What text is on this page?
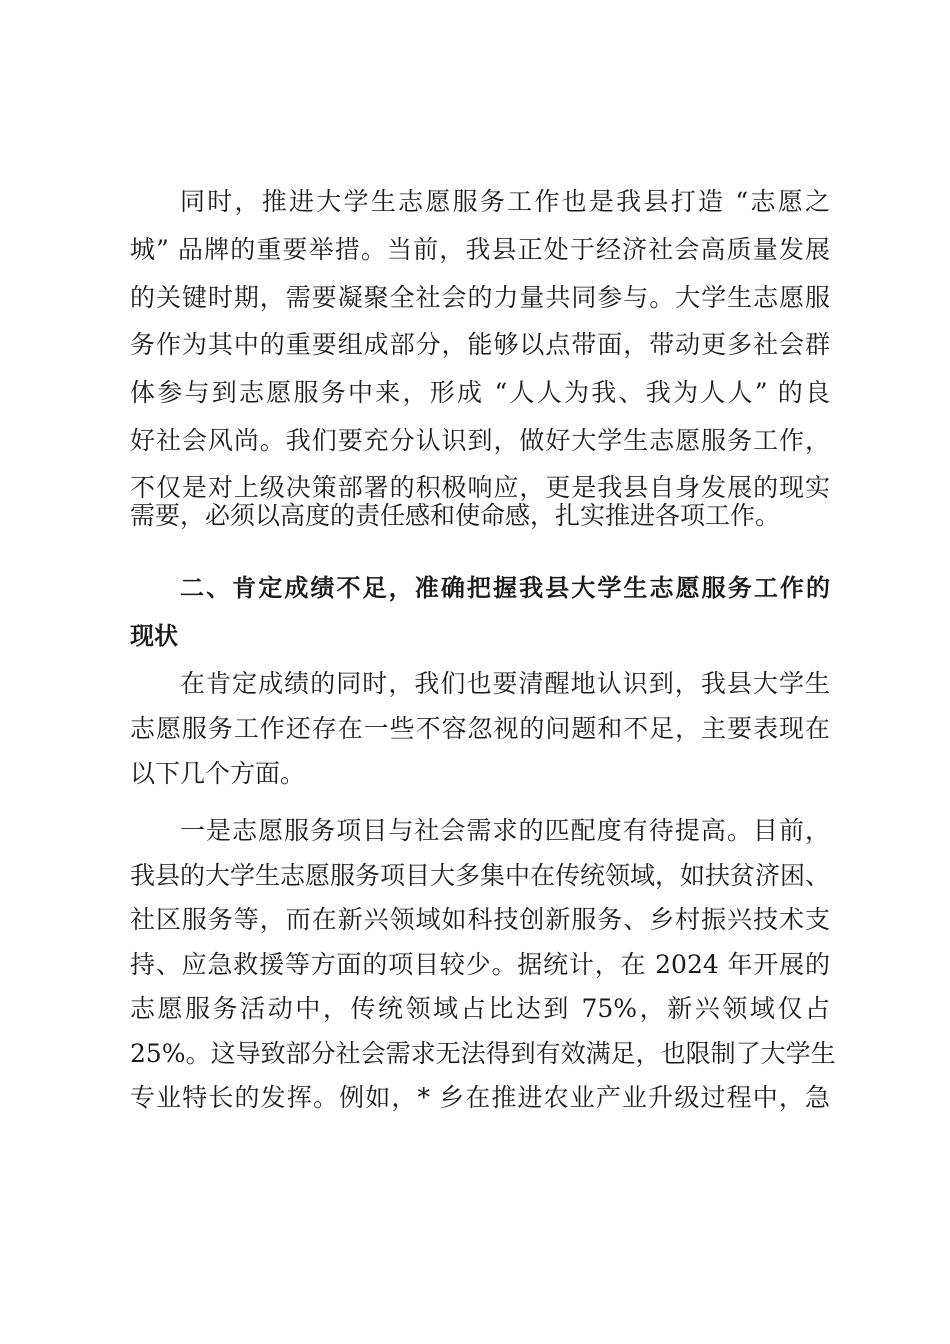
同时，推进大学生志愿服务工作也是我县打造 “志愿之

城” 品牌的重要举措。当前，我县正处于经济社会高质量发展

的关键时期，需要凝聚全社会的力量共同参与。大学生志愿服

务作为其中的重要组成部分，能够以点带面，带动更多社会群

体参与到志愿服务中来，形成 “人人为我、我为人人” 的良

好社会风尚。我们要充分认识到，做好大学生志愿服务工作，

不仅是对上级决策部署的积极响应，更是我县自身发展的现实

需要，必须以高度的责任感和使命感，扎实推进各项工作。

二、肯定成绩不足，准确把握我县大学生志愿服务工作的

现状

在肯定成绩的同时，我们也要清醒地认识到，我县大学生

志愿服务工作还存在一些不容忽视的问题和不足，主要表现在

以下几个方面。

一是志愿服务项目与社会需求的匹配度有待提高。目前，

我县的大学生志愿服务项目大多集中在传统领域，如扶贫济困、

社区服务等，而在新兴领域如科技创新服务、乡村振兴技术支

持、应急救援等方面的项目较少。据统计，在 2024 年开展的

志愿服务活动中，传统领域占比达到 75%，新兴领域仅占

25%。这导致部分社会需求无法得到有效满足，也限制了大学生

专业特长的发挥。例如，* 乡在推进农业产业升级过程中，急
